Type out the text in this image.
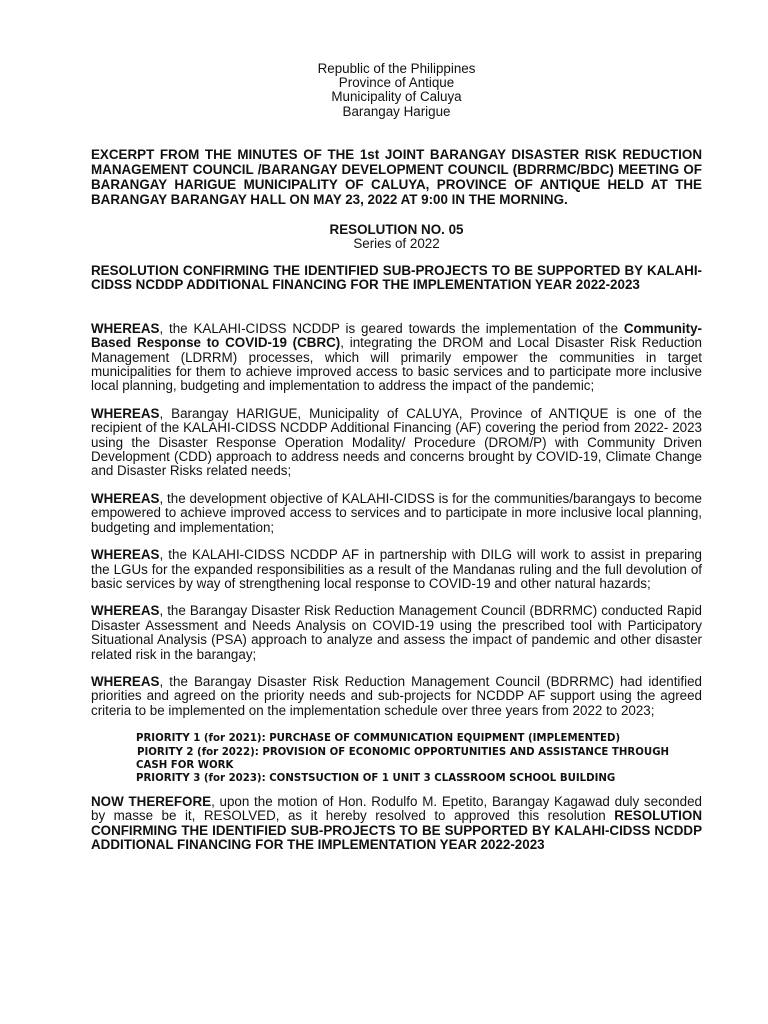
Republic of the Philippines
Province of Antique
Municipality of Caluya
Barangay Harigue
EXCERPT FROM THE MINUTES OF THE 1st JOINT BARANGAY DISASTER RISK REDUCTION MANAGEMENT COUNCIL /BARANGAY DEVELOPMENT COUNCIL (BDRRMC/BDC) MEETING OF BARANGAY HARIGUE MUNICIPALITY OF CALUYA, PROVINCE OF ANTIQUE HELD AT THE BARANGAY BARANGAY HALL ON MAY 23, 2022 AT 9:00 IN THE MORNING.
RESOLUTION NO. 05
Series of 2022
RESOLUTION CONFIRMING THE IDENTIFIED SUB-PROJECTS TO BE SUPPORTED BY KALAHI-CIDSS NCDDP ADDITIONAL FINANCING FOR THE IMPLEMENTATION YEAR 2022-2023

WHEREAS, the KALAHI-CIDSS NCDDP is geared towards the implementation of the Community-Based Response to COVID-19 (CBRC), integrating the DROM and Local Disaster Risk Reduction Management (LDRRM) processes, which will primarily empower the communities in target municipalities for them to achieve improved access to basic services and to participate more inclusive local planning, budgeting and implementation to address the impact of the pandemic;

WHEREAS, Barangay HARIGUE, Municipality of CALUYA, Province of ANTIQUE is one of the recipient of the KALAHI-CIDSS NCDDP Additional Financing (AF) covering the period from 2022- 2023 using the Disaster Response Operation Modality/ Procedure (DROM/P) with Community Driven Development (CDD) approach to address needs and concerns brought by COVID-19, Climate Change and Disaster Risks related needs;

WHEREAS, the development objective of KALAHI-CIDSS is for the communities/barangays to become empowered to achieve improved access to services and to participate in more inclusive local planning, budgeting and implementation;

WHEREAS, the KALAHI-CIDSS NCDDP AF in partnership with DILG will work to assist in preparing the LGUs for the expanded responsibilities as a result of the Mandanas ruling and the full devolution of basic services by way of strengthening local response to COVID-19 and other natural hazards;

WHEREAS, the Barangay Disaster Risk Reduction Management Council (BDRRMC) conducted Rapid Disaster Assessment and Needs Analysis on COVID-19 using the prescribed tool with Participatory Situational Analysis (PSA) approach to analyze and assess the impact of pandemic and other disaster related risk in the barangay;

WHEREAS, the Barangay Disaster Risk Reduction Management Council (BDRRMC) had identified priorities and agreed on the priority needs and sub-projects for NCDDP AF support using the agreed criteria to be implemented on the implementation schedule over three years from 2022 to 2023;

PRIORITY 1 (for 2021): PURCHASE OF COMMUNICATION EQUIPMENT (IMPLEMENTED)
PIORITY 2 (for 2022): PROVISION OF ECONOMIC OPPORTUNITIES AND ASSISTANCE THROUGH
CASH FOR WORK
PRIORITY 3 (for 2023): CONSTSUCTION OF 1 UNIT 3 CLASSROOM SCHOOL BUILDING

NOW THEREFORE, upon the motion of Hon. Rodulfo M. Epetito, Barangay Kagawad duly seconded by masse be it, RESOLVED, as it hereby resolved to approved this resolution RESOLUTION CONFIRMING THE IDENTIFIED SUB-PROJECTS TO BE SUPPORTED BY KALAHI-CIDSS NCDDP ADDITIONAL FINANCING FOR THE IMPLEMENTATION YEAR 2022-2023
